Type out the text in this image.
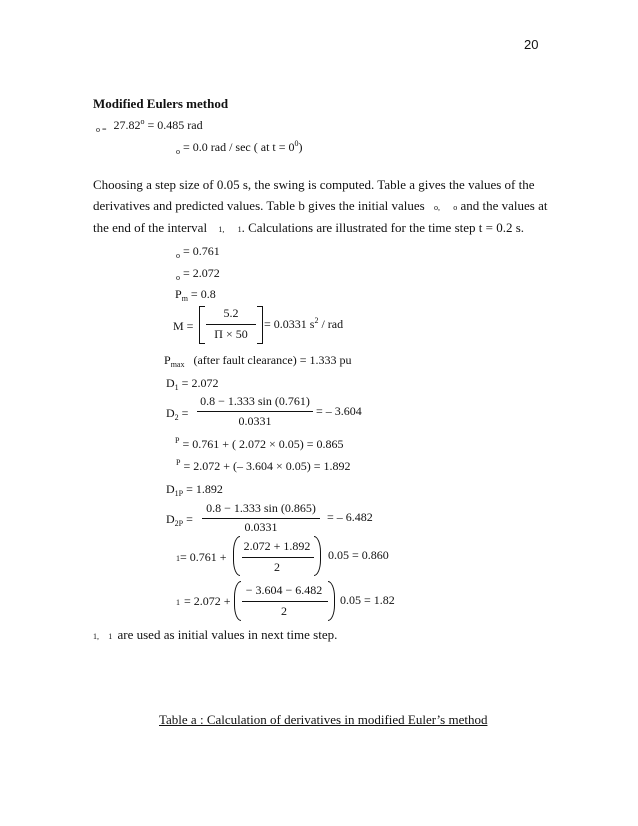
20
Modified Eulers method
$_{o =}$ $27.82^o = 0.485$ rad
$_o$ = 0.0 rad / sec ( at $t = 0^0$)
Choosing a step size of 0.05 s, the swing is computed. Table a gives the values of the
derivatives and predicted values. Table b gives the initial values o, o and the values at
the end of the interval 1, 1. Calculations are illustrated for the time step t = 0.2 s.
$_o$ = 0.761
$_o$ = 2.072
$P_m = 0.8$
M =
5.2
Π × 50
= 0.0331 $s^2$ / rad
$P_{max}$ (after fault clearance) = 1.333 pu
$D_1 = 2.072$
$D_2$ =
0.8 − 1.333 sin (0.761)
0.0331
= – 3.604
$^P$ = 0.761 + ( 2.072 × 0.05) = 0.865
$^P$ = 2.072 + (– 3.604 × 0.05) = 1.892
$D_{1P} = 1.892$
$D_{2P}$ =
0.8 − 1.333 sin (0.865)
0.0331
= – 6.482
1= 0.761 +
2.072 + 1.892
2
0.05 = 0.860
1 = 2.072 +
− 3.604 − 6.482
2
0.05 = 1.82
1, 1 are used as initial values in next time step.
Table a : Calculation of derivatives in modified Euler’s method
